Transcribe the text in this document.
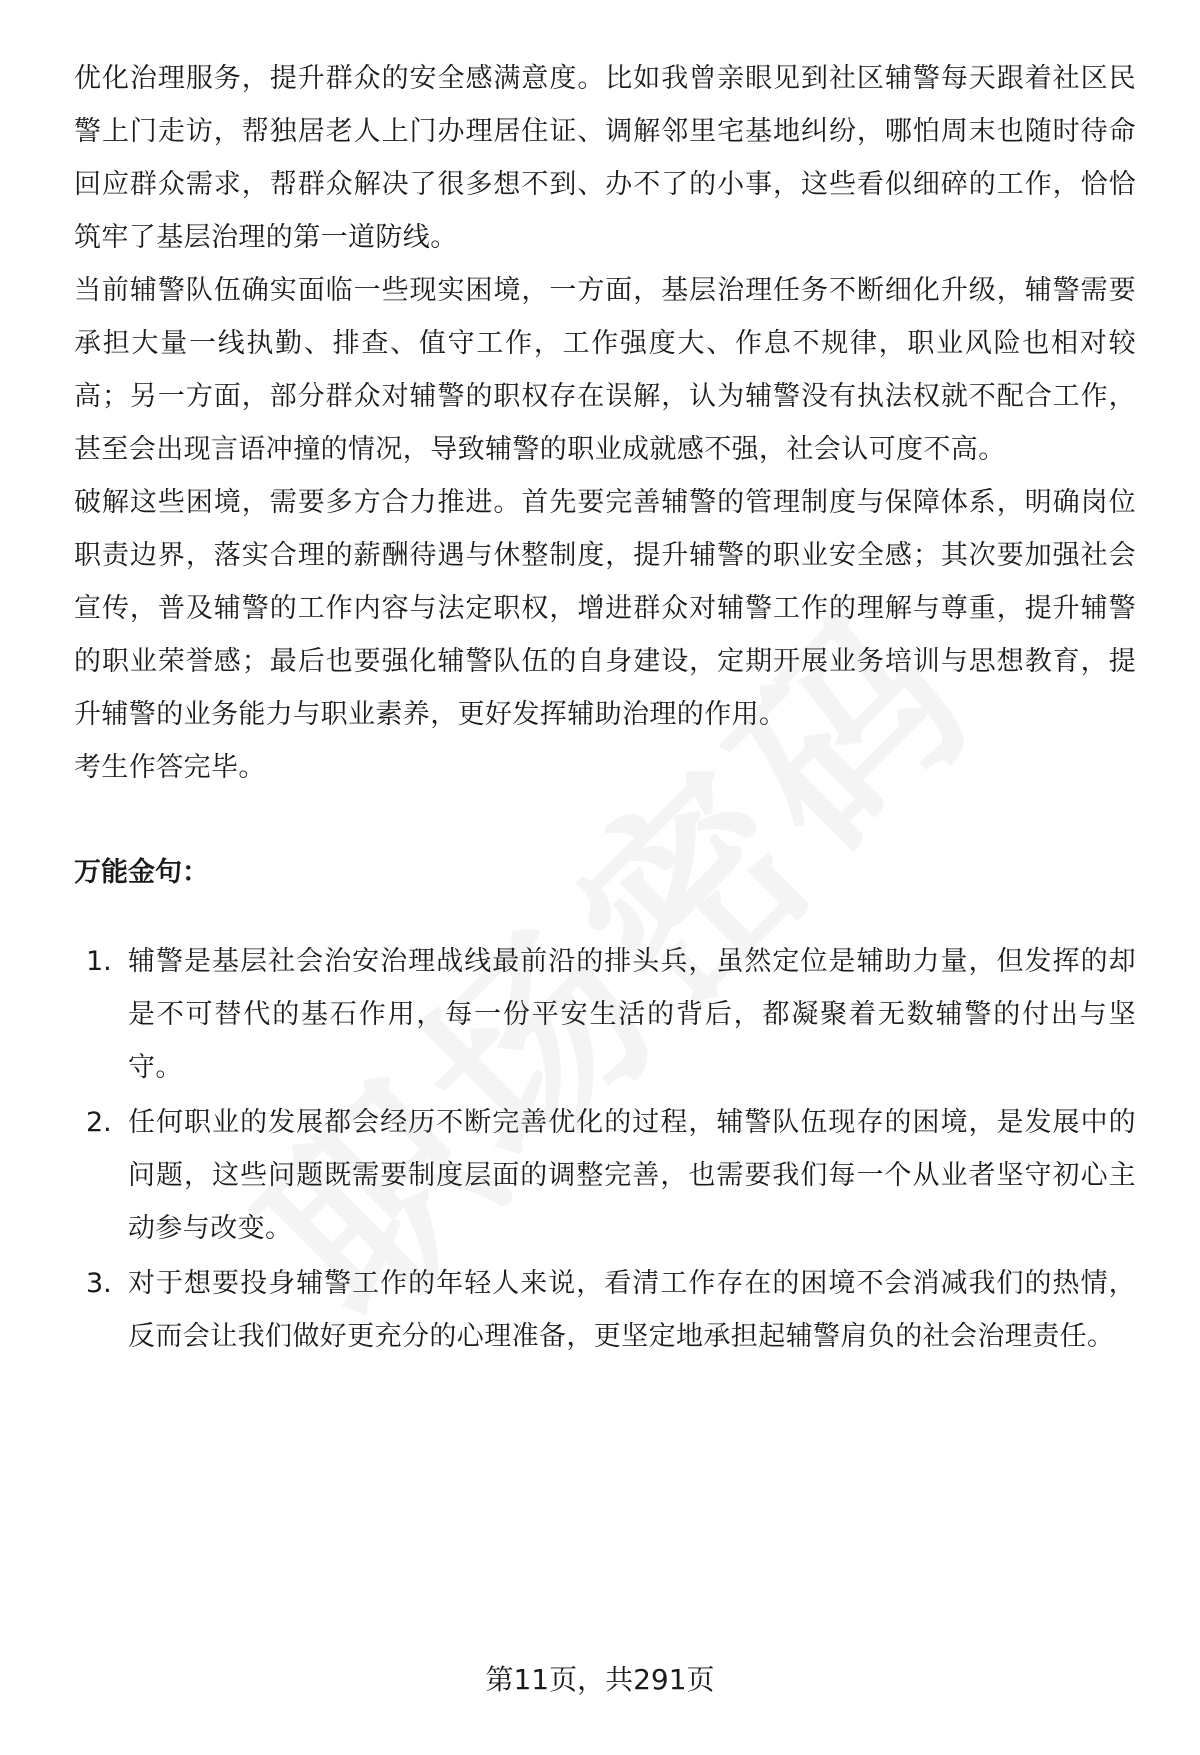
优化治理服务，提升群众的安全感满意度。比如我曾亲眼见到社区辅警每天跟着社区民警上门走访，帮独居老人上门办理居住证、调解邻里宅基地纠纷，哪怕周末也随时待命回应群众需求，帮群众解决了很多想不到、办不了的小事，这些看似细碎的工作，恰恰筑牢了基层治理的第一道防线。

当前辅警队伍确实面临一些现实困境，一方面，基层治理任务不断细化升级，辅警需要承担大量一线执勤、排查、值守工作，工作强度大、作息不规律，职业风险也相对较高；另一方面，部分群众对辅警的职权存在误解，认为辅警没有执法权就不配合工作，甚至会出现言语冲撞的情况，导致辅警的职业成就感不强，社会认可度不高。

破解这些困境，需要多方合力推进。首先要完善辅警的管理制度与保障体系，明确岗位职责边界，落实合理的薪酬待遇与休整制度，提升辅警的职业安全感；其次要加强社会宣传，普及辅警的工作内容与法定职权，增进群众对辅警工作的理解与尊重，提升辅警的职业荣誉感；最后也要强化辅警队伍的自身建设，定期开展业务培训与思想教育，提升辅警的业务能力与职业素养，更好发挥辅助治理的作用。

考生作答完毕。

万能金句：
1. 辅警是基层社会治安治理战线最前沿的排头兵，虽然定位是辅助力量，但发挥的却是不可替代的基石作用，每一份平安生活的背后，都凝聚着无数辅警的付出与坚守。

2. 任何职业的发展都会经历不断完善优化的过程，辅警队伍现存的困境，是发展中的问题，这些问题既需要制度层面的调整完善，也需要我们每一个从业者坚守初心主动参与改变。

3. 对于想要投身辅警工作的年轻人来说，看清工作存在的困境不会消减我们的热情，反而会让我们做好更充分的心理准备，更坚定地承担起辅警肩负的社会治理责任。

第11页，共291页
